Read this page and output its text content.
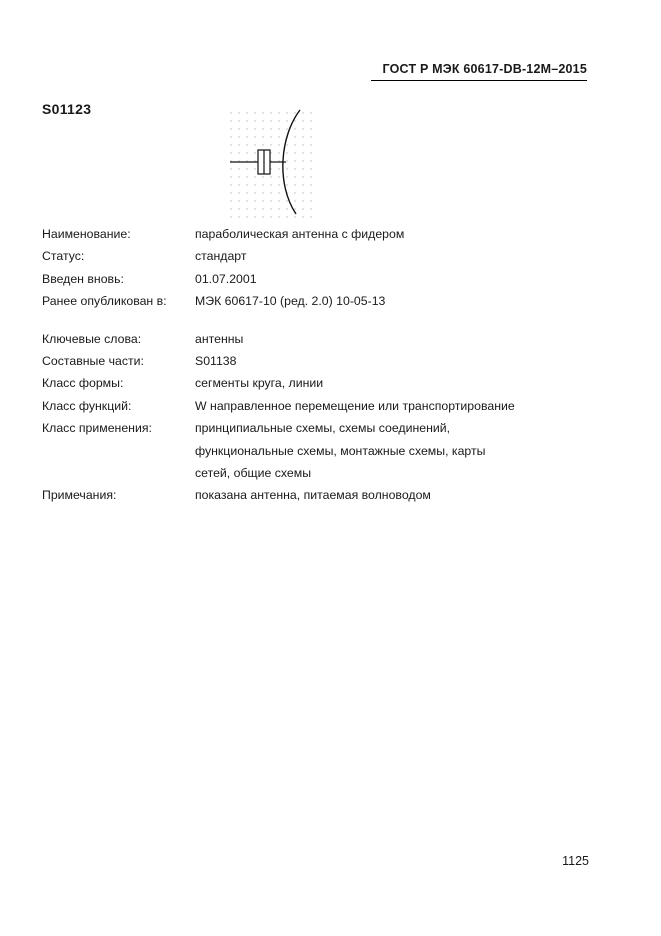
ГОСТ Р МЭК 60617-DB-12M–2015
S01123
Наименование:	параболическая антенна с фидером
Статус:	стандарт
Введен вновь:	01.07.2001
Ранее опубликован в: МЭК 60617-10 (ред. 2.0) 10-05-13
Ключевые слова:	антенны
Составные части:	S01138
Класс формы:	сегменты круга, линии
Класс функций:	W направленное перемещение или транспортирование
Класс применения:	принципиальные схемы, схемы соединений,
функциональные схемы, монтажные схемы, карты
сетей, общие схемы
Примечания:	показана антенна, питаемая волноводом
1125
